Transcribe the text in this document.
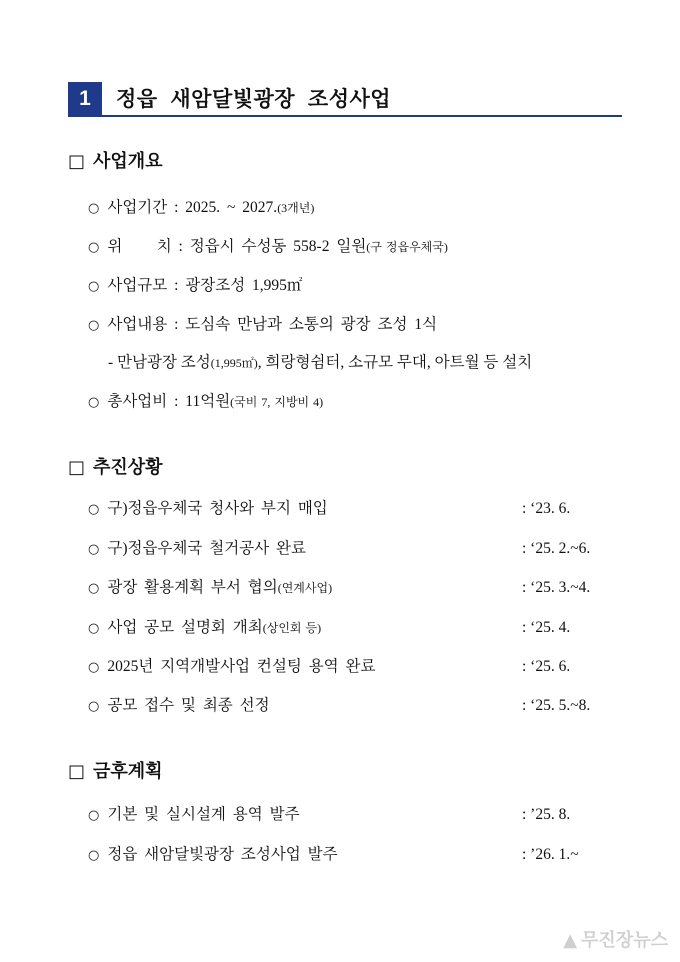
1	정읍 새암달빛광장 조성사업
□ 사업개요
○ 사업기간 : 2025. ~ 2027.(3개년)
○ 위     치 : 정읍시 수성동 558-2 일원(구 정읍우체국)
○ 사업규모 : 광장조성 1,995㎡
○ 사업내용 : 도심속 만남과 소통의 광장 조성 1식
- 만남광장 조성(1,995㎡), 희랑형쉼터, 소규모 무대, 아트월 등 설치
○ 총사업비 : 11억원(국비 7, 지방비 4)
□ 추진상황
○ 구)정읍우체국 청사와 부지 매입	: ‘23. 6.
○ 구)정읍우체국 철거공사 완료	: ‘25. 2.~6.
○ 광장 활용계획 부서 협의(연계사업)	: ‘25. 3.~4.
○ 사업 공모 설명회 개최(상인회 등)	: ‘25. 4.
○ 2025년 지역개발사업 컨설팅 용역 완료	: ‘25. 6.
○ 공모 접수 및 최종 선정	: ‘25. 5.~8.
□ 금후계획
○ 기본 및 실시설계 용역 발주	: ’25. 8.
○ 정읍 새암달빛광장 조성사업 발주	: ’26. 1.~
▲ 무진장뉴스
